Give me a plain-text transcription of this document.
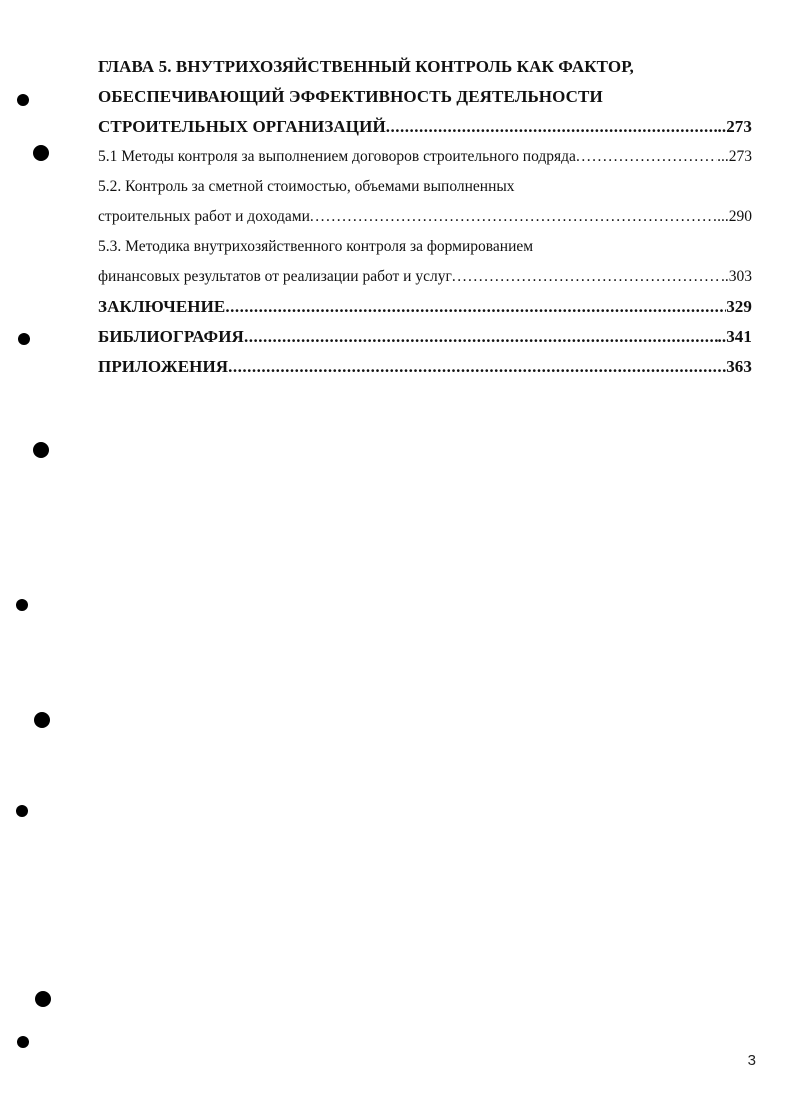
ГЛАВА 5. ВНУТРИХОЗЯЙСТВЕННЫЙ КОНТРОЛЬ КАК ФАКТОР,
ОБЕСПЕЧИВАЮЩИЙ ЭФФЕКТИВНОСТЬ ДЕЯТЕЛЬНОСТИ
СТРОИТЕЛЬНЫХ ОРГАНИЗАЦИЙ .....	..273
5.1 Методы контроля за выполнением договоров строительного подряда .....	...273
5.2. Контроль за сметной стоимостью, объемами выполненных
строительных работ и доходами .....	...290
5.3. Методика внутрихозяйственного контроля за формированием
финансовых результатов от реализации работ и услуг .....	..303
ЗАКЛЮЧЕНИЕ .....	329
БИБЛИОГРАФИЯ .....	..341
ПРИЛОЖЕНИЯ .....	363
3
